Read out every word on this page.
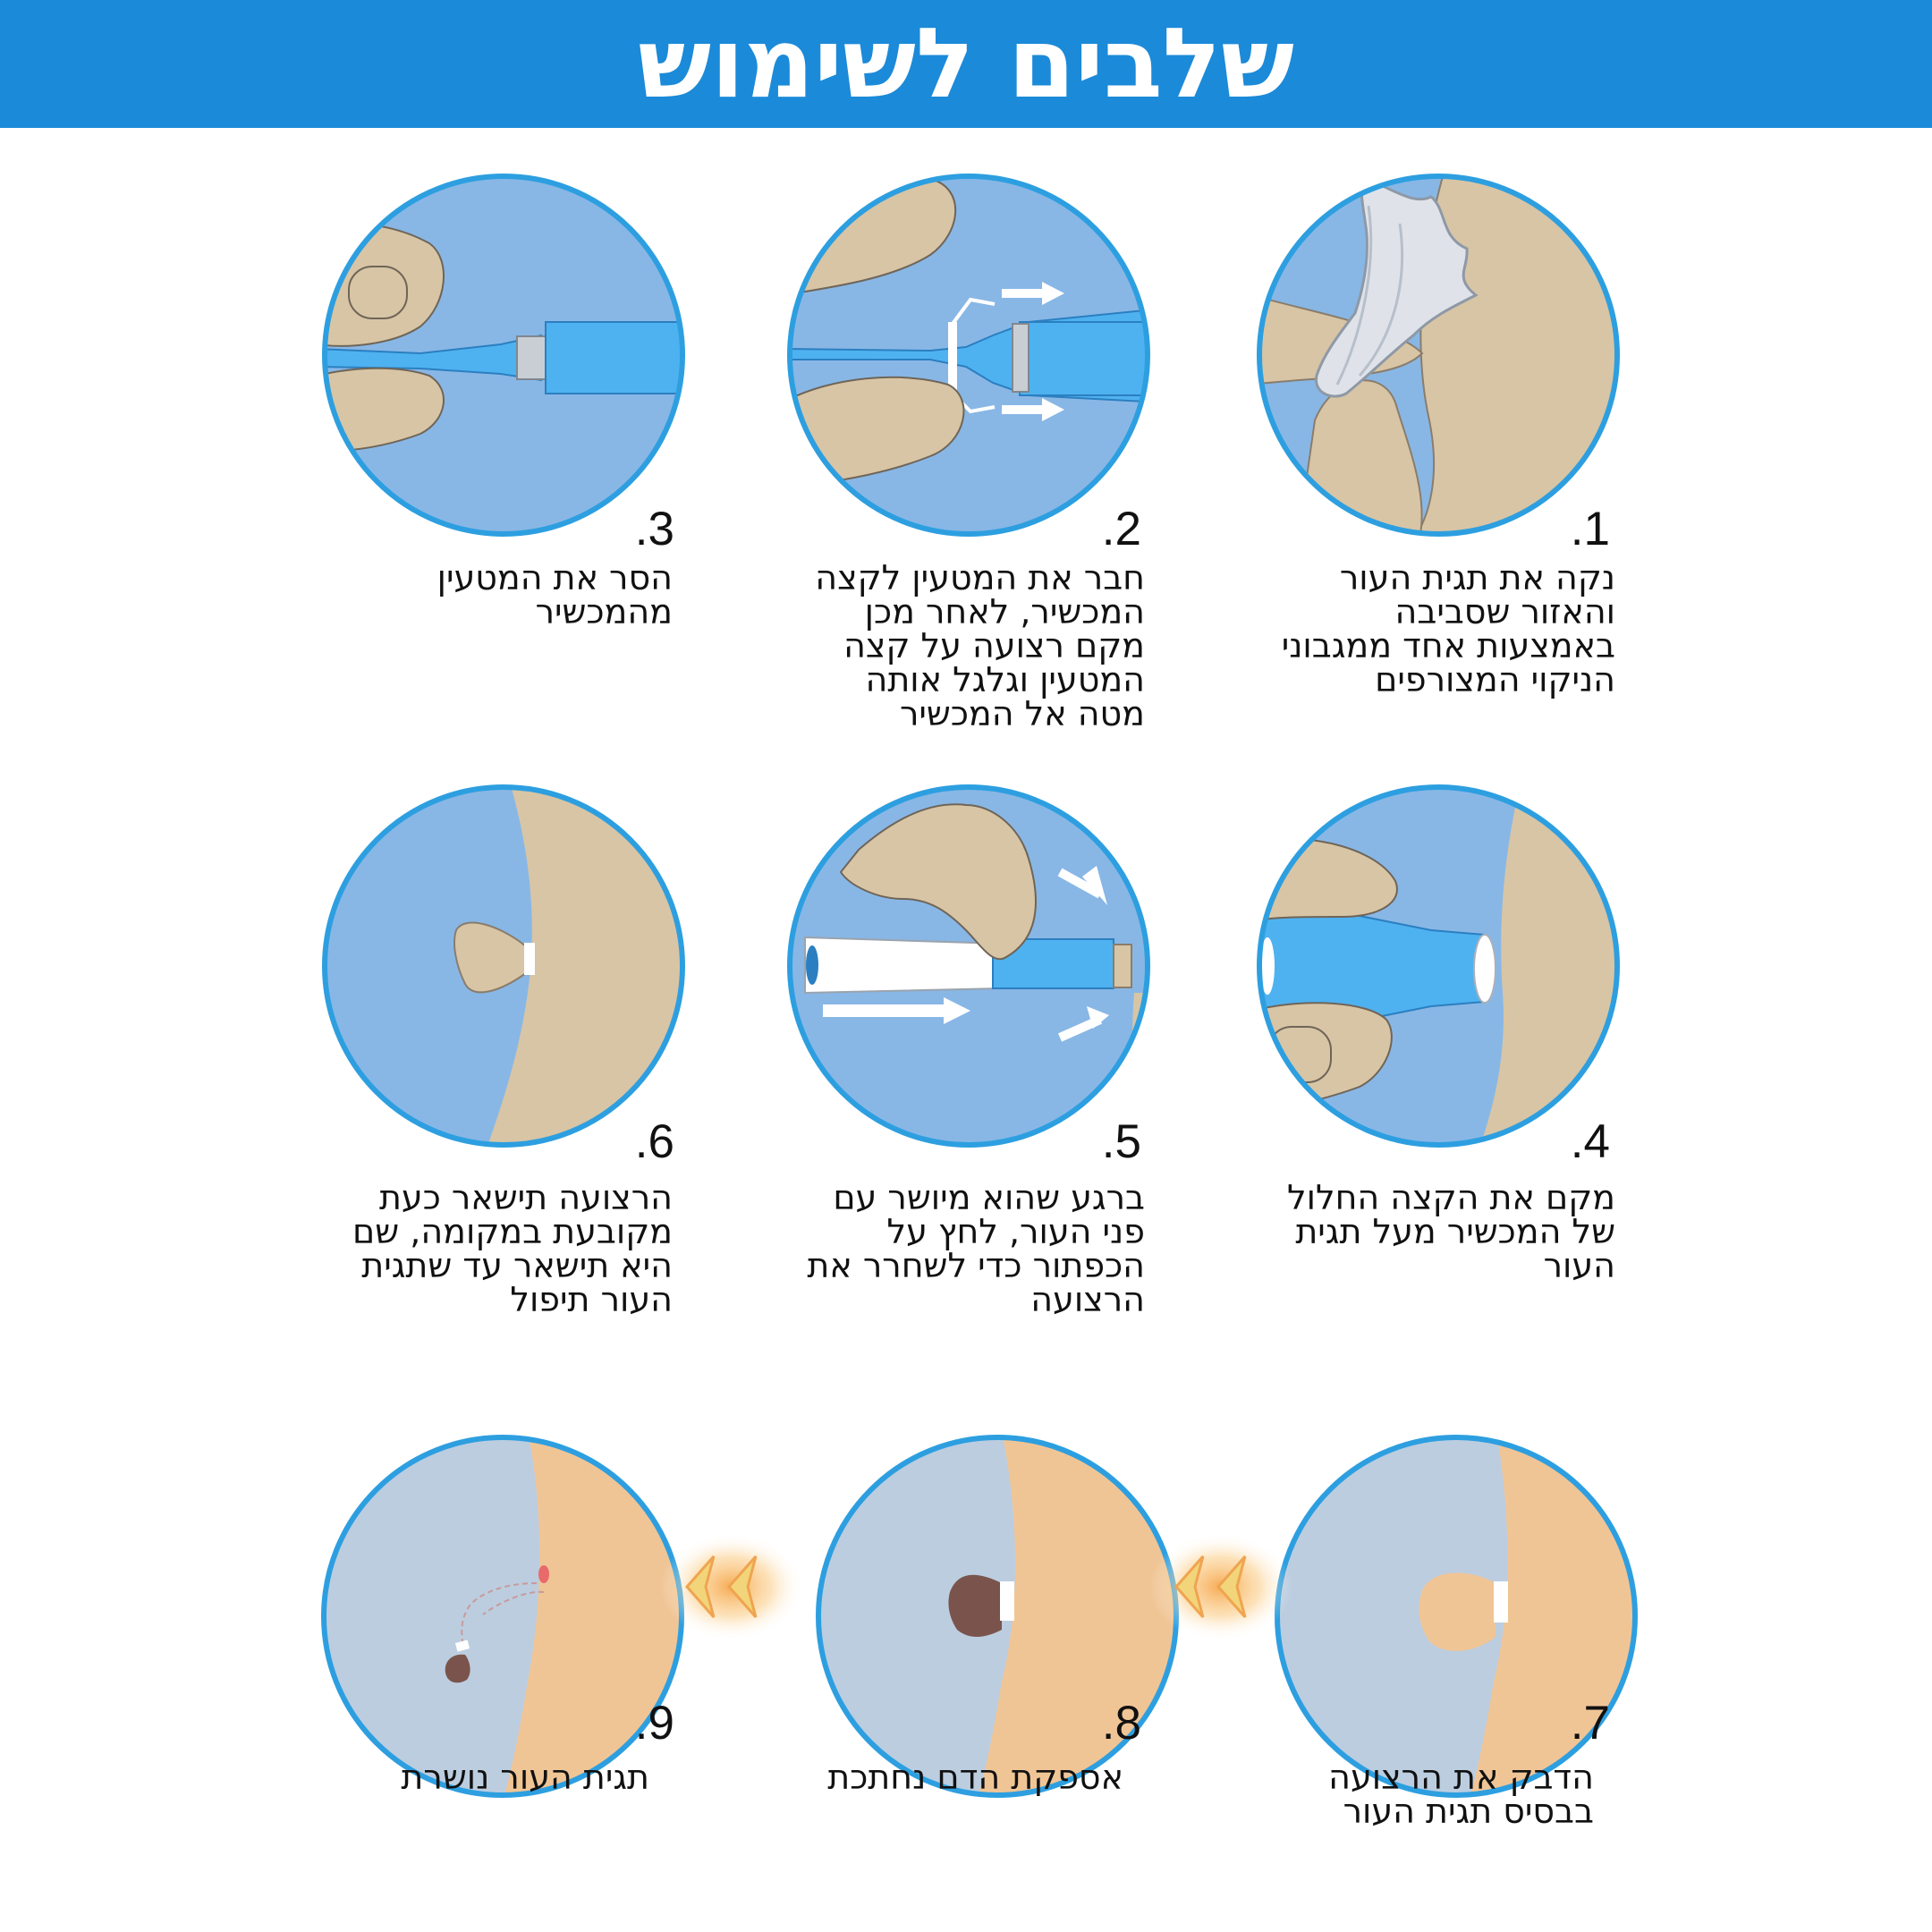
שלבים לשימוש
.1
.2
.3
.4
.5
.6
.7
.8
.9
נקה את תגית העור
והאזור שסביבה
באמצעות אחד ממגבוני
הניקוי המצורפים
חבר את המטעין לקצה
המכשיר, לאחר מכן
מקם רצועה על קצה
המטעין וגלגל אותה
מטה אל המכשיר
הסר את המטעין
מהמכשיר
מקם את הקצה החלול
של המכשיר מעל תגית
העור
ברגע שהוא מיושר עם
פני העור, לחץ על
הכפתור כדי לשחרר את
הרצועה
הרצועה תישאר כעת
מקובעת במקומה, שם
היא תישאר עד שתגית
העור תיפול
הדבק את הרצועה
בבסיס תגית העור
אספקת הדם נחתכת
תגית העור נושרת
